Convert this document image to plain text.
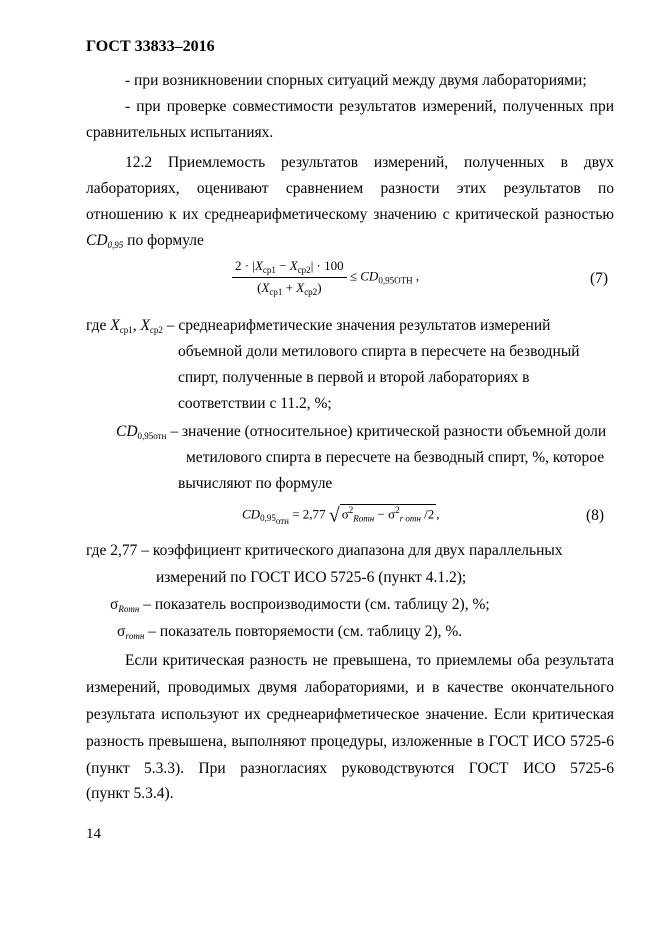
ГОСТ 33833–2016
- при возникновении спорных ситуаций между двумя лабораториями;
- при проверке совместимости результатов измерений, полученных при
сравнительных испытаниях.
12.2 Приемлемость результатов измерений, полученных в двух
лабораториях, оценивают сравнением разности этих результатов по
отношению к их среднеарифметическому значению с критической разностью
$CD_{0,95}$ по формуле
$\frac{2 \cdot |X_{ср1} - X_{ср2}| \cdot 100}{(X_{ср1} + X_{ср2})} \le CD_{0,95ОТН}$ ,	(7)
где $X_{ср1}$, $X_{ср2}$ – среднеарифметические значения результатов измерений
объемной доли метилового спирта в пересчете на безводный
спирт, полученные в первой и второй лабораториях в
соответствии с 11.2, %;
$CD_{0,95отн}$ – значение (относительное) критической разности объемной доли
метилового спирта в пересчете на безводный спирт, %, которое
вычисляют по формуле
$CD_{0,95_{отн}} = 2,77$ √ $\sigma^2_{Rотн} - \sigma^2_{r отн}$ /2 ,	(8)
где 2,77 – коэффициент критического диапазона для двух параллельных
измерений по ГОСТ ИСО 5725-6 (пункт 4.1.2);
$\sigma_{Rотн}$ – показатель воспроизводимости (см. таблицу 2), %;
$\sigma_{rотн}$ – показатель повторяемости (см. таблицу 2), %.
Если критическая разность не превышена, то приемлемы оба результата
измерений, проводимых двумя лабораториями, и в качестве окончательного
результата используют их среднеарифметическое значение. Если критическая
разность превышена, выполняют процедуры, изложенные в ГОСТ ИСО 5725-6
(пункт 5.3.3). При разногласиях руководствуются ГОСТ ИСО 5725-6
(пункт 5.3.4).
14
